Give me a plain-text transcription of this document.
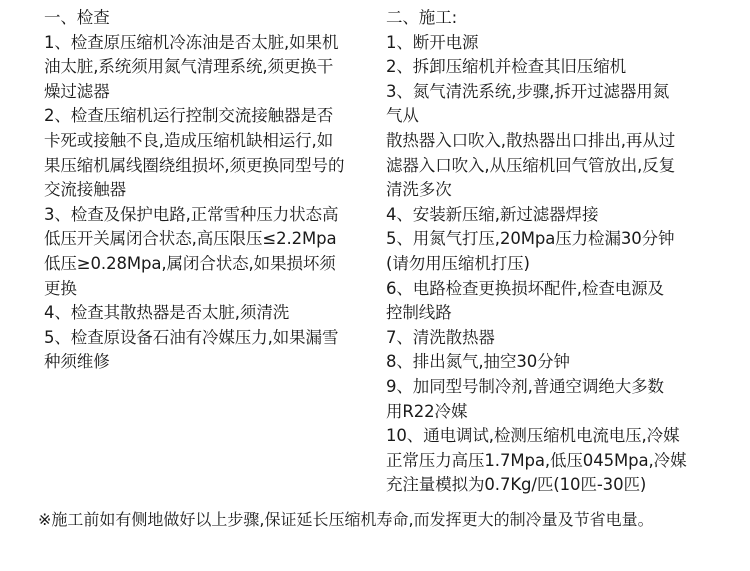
一、检查
1、检查原压缩机冷冻油是否太脏,如果机
油太脏,系统须用氮气清理系统,须更换干
燥过滤器
2、检查压缩机运行控制交流接触器是否
卡死或接触不良,造成压缩机缺相运行,如
果压缩机属线圈绕组损坏,须更换同型号的
交流接触器
3、检查及保护电路,正常雪种压力状态高
低压开关属闭合状态,高压限压≤2.2Mpa
低压≥0.28Mpa,属闭合状态,如果损坏须
更换
4、检查其散热器是否太脏,须清洗
5、检查原设备石油有冷媒压力,如果漏雪
种须维修
二、施工:
1、断开电源
2、拆卸压缩机并检查其旧压缩机
3、氮气清洗系统,步骤,拆开过滤器用氮
气从
散热器入口吹入,散热器出口排出,再从过
滤器入口吹入,从压缩机回气管放出,反复
清洗多次
4、安装新压缩,新过滤器焊接
5、用氮气打压,20Mpa压力检漏30分钟
(请勿用压缩机打压)
6、电路检查更换损坏配件,检查电源及
控制线路
7、清洗散热器
8、排出氮气,抽空30分钟
9、加同型号制冷剂,普通空调绝大多数
用R22冷媒
10、通电调试,检测压缩机电流电压,冷媒
正常压力高压1.7Mpa,低压045Mpa,冷媒
充注量模拟为0.7Kg/匹(10匹-30匹)
※施工前如有侧地做好以上步骤,保证延长压缩机寿命,而发挥更大的制冷量及节省电量。
